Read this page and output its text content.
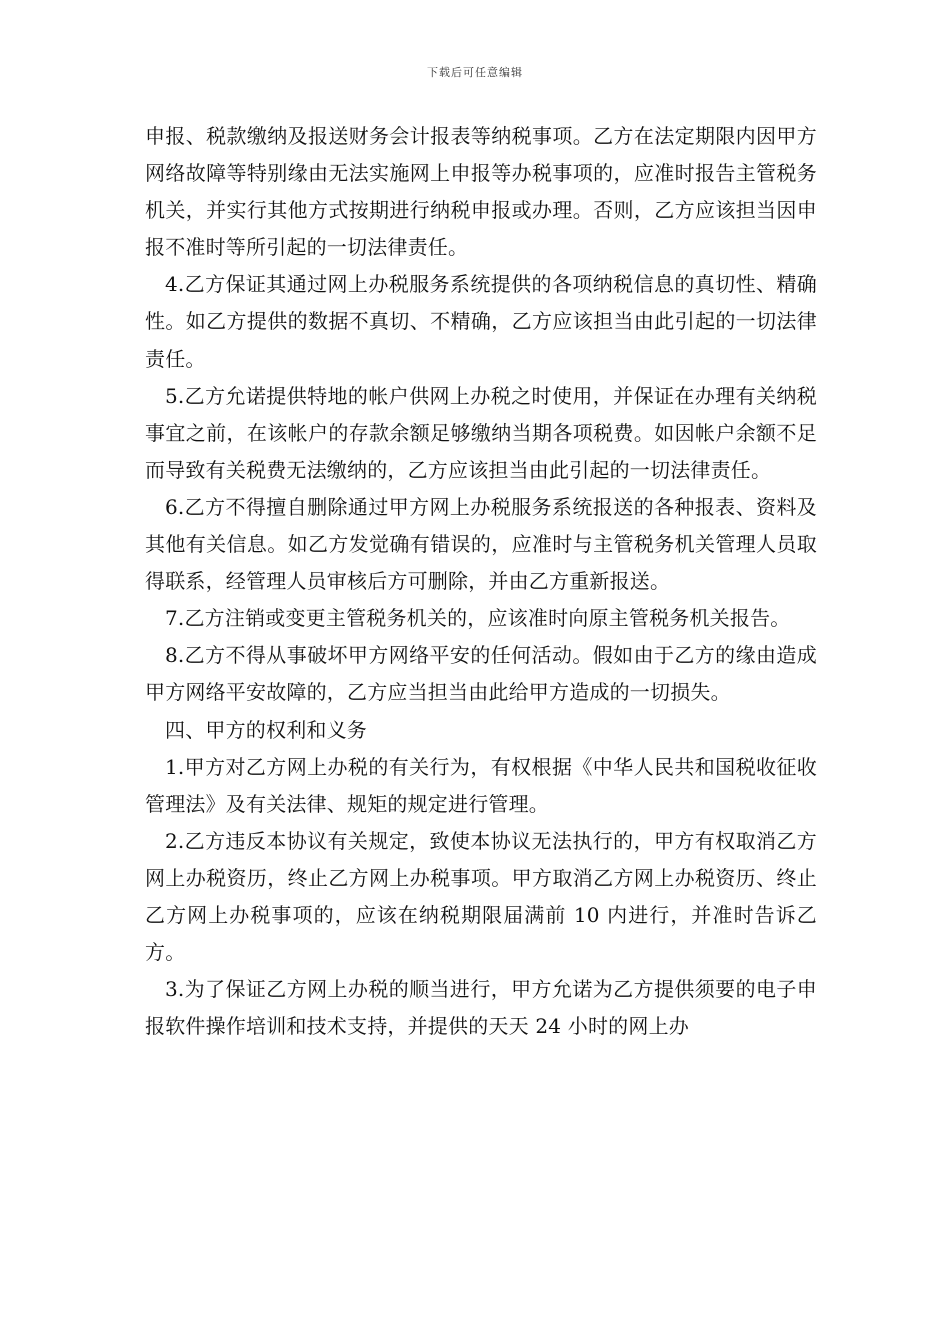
下载后可任意编辑

申报、税款缴纳及报送财务会计报表等纳税事项。乙方在法定期限内因甲方网络故障等特别缘由无法实施网上申报等办税事项的，应准时报告主管税务机关，并实行其他方式按期进行纳税申报或办理。否则，乙方应该担当因申报不准时等所引起的一切法律责任。

4.乙方保证其通过网上办税服务系统提供的各项纳税信息的真切性、精确性。如乙方提供的数据不真切、不精确，乙方应该担当由此引起的一切法律责任。

5.乙方允诺提供特地的帐户供网上办税之时使用，并保证在办理有关纳税事宜之前，在该帐户的存款余额足够缴纳当期各项税费。如因帐户余额不足而导致有关税费无法缴纳的，乙方应该担当由此引起的一切法律责任。

6.乙方不得擅自删除通过甲方网上办税服务系统报送的各种报表、资料及其他有关信息。如乙方发觉确有错误的，应准时与主管税务机关管理人员取得联系，经管理人员审核后方可删除，并由乙方重新报送。

7.乙方注销或变更主管税务机关的，应该准时向原主管税务机关报告。

8.乙方不得从事破坏甲方网络平安的任何活动。假如由于乙方的缘由造成甲方网络平安故障的，乙方应当担当由此给甲方造成的一切损失。

四、甲方的权利和义务

1.甲方对乙方网上办税的有关行为，有权根据《中华人民共和国税收征收管理法》及有关法律、规矩的规定进行管理。

2.乙方违反本协议有关规定，致使本协议无法执行的，甲方有权取消乙方网上办税资历，终止乙方网上办税事项。甲方取消乙方网上办税资历、终止乙方网上办税事项的，应该在纳税期限届满前 10 内进行，并准时告诉乙方。

3.为了保证乙方网上办税的顺当进行，甲方允诺为乙方提供须要的电子申报软件操作培训和技术支持，并提供的天天 24 小时的网上办
